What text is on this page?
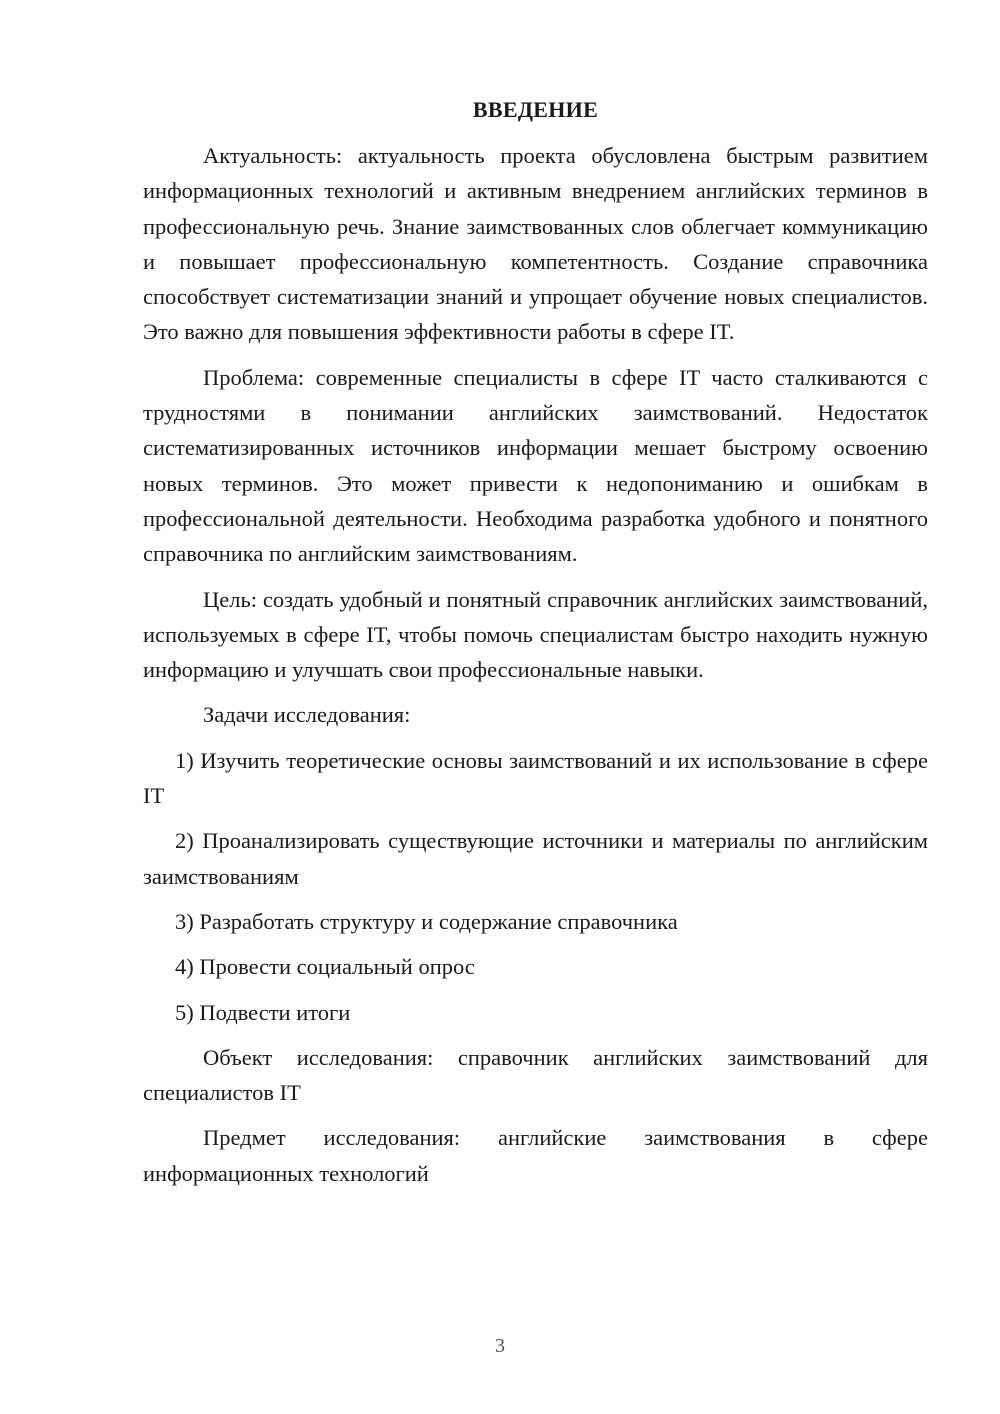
ВВЕДЕНИЕ

Актуальность: актуальность проекта обусловлена быстрым развитием информационных технологий и активным внедрением английских терминов в профессиональную речь. Знание заимствованных слов облегчает коммуникацию и повышает профессиональную компетентность. Создание справочника способствует систематизации знаний и упрощает обучение новых специалистов. Это важно для повышения эффективности работы в сфере IT.

Проблема: современные специалисты в сфере IT часто сталкиваются с трудностями в понимании английских заимствований. Недостаток систематизированных источников информации мешает быстрому освоению новых терминов. Это может привести к недопониманию и ошибкам в профессиональной деятельности. Необходима разработка удобного и понятного справочника по английским заимствованиям.

Цель: создать удобный и понятный справочник английских заимствований, используемых в сфере IT, чтобы помочь специалистам быстро находить нужную информацию и улучшать свои профессиональные навыки.

Задачи исследования:

1) Изучить теоретические основы заимствований и их использование в сфере IT

2) Проанализировать существующие источники и материалы по английским заимствованиям

3) Разработать структуру и содержание справочника

4) Провести социальный опрос

5) Подвести итоги

Объект исследования: справочник английских заимствований для специалистов IT

Предмет исследования: английские заимствования в сфере информационных технологий

3
